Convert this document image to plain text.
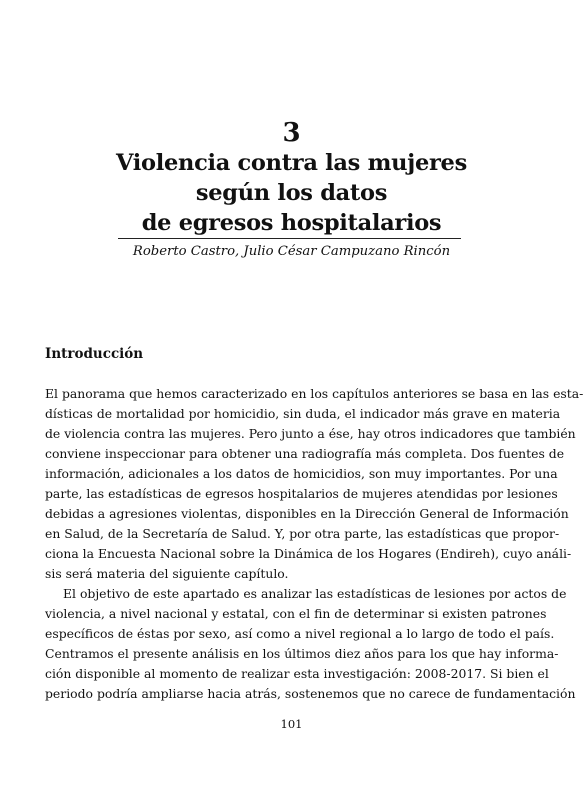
3

Violencia contra las mujeres
según los datos
de egresos hospitalarios
Roberto Castro, Julio César Campuzano Rincón
Introducción
El panorama que hemos caracterizado en los capítulos anteriores se basa en las esta-
dísticas de mortalidad por homicidio, sin duda, el indicador más grave en materia
de violencia contra las mujeres. Pero junto a ése, hay otros indicadores que también
conviene inspeccionar para obtener una radiografía más completa. Dos fuentes de
información, adicionales a los datos de homicidios, son muy importantes. Por una
parte, las estadísticas de egresos hospitalarios de mujeres atendidas por lesiones
debidas a agresiones violentas, disponibles en la Dirección General de Información
en Salud, de la Secretaría de Salud. Y, por otra parte, las estadísticas que propor-
ciona la Encuesta Nacional sobre la Dinámica de los Hogares (Endireh), cuyo análi-
sis será materia del siguiente capítulo.
El objetivo de este apartado es analizar las estadísticas de lesiones por actos de
violencia, a nivel nacional y estatal, con el fin de determinar si existen patrones
específicos de éstas por sexo, así como a nivel regional a lo largo de todo el país.
Centramos el presente análisis en los últimos diez años para los que hay informa-
ción disponible al momento de realizar esta investigación: 2008-2017. Si bien el
periodo podría ampliarse hacia atrás, sostenemos que no carece de fundamentación
101
